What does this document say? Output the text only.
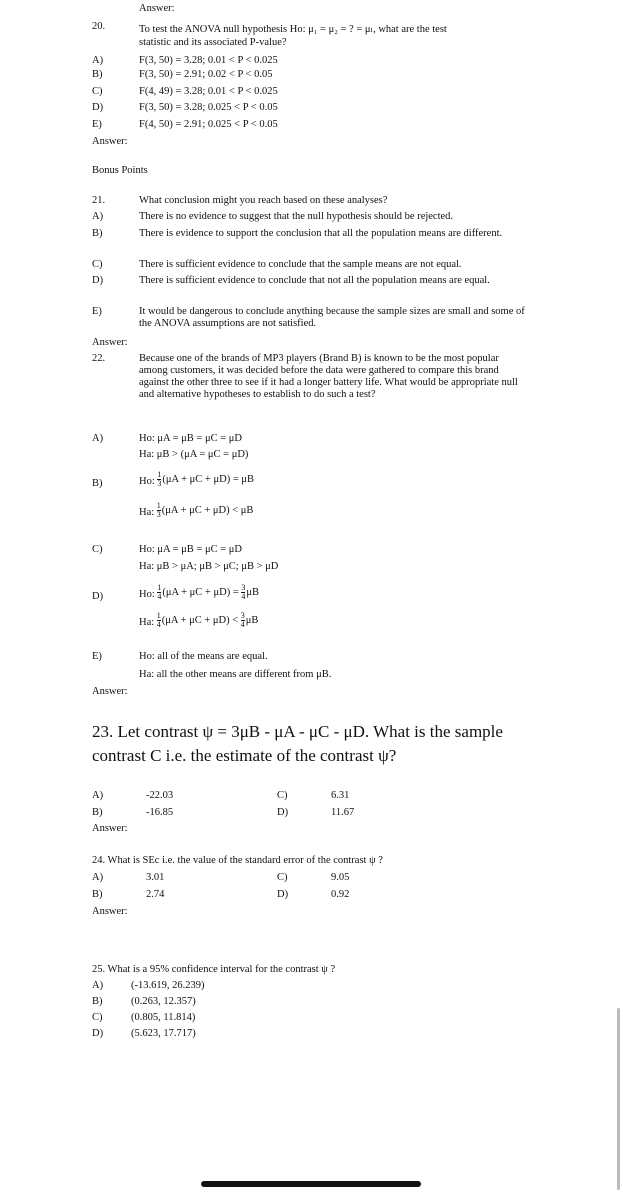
Answer:
20.	To test the ANOVA null hypothesis Ho: μ₁ = μ₂ = ? = μₗ, what are the test
statistic and its associated P-value?
A)	F(3, 50) = 3.28; 0.01 < P < 0.025
B)	F(3, 50) = 2.91; 0.02 < P < 0.05
C)	F(4, 49) = 3.28; 0.01 < P < 0.025
D)	F(3, 50) = 3.28; 0.025 < P < 0.05
E)	F(4, 50) = 2.91; 0.025 < P < 0.05
Answer:
Bonus Points
21.	What conclusion might you reach based on these analyses?
A)	There is no evidence to suggest that the null hypothesis should be rejected.
B)	There is evidence to support the conclusion that all the population means are different.
C)	There is sufficient evidence to conclude that the sample means are not equal.
D)	There is sufficient evidence to conclude that not all the population means are equal.
E)	It would be dangerous to conclude anything because the sample sizes are small and some of the ANOVA assumptions are not satisfied.
Answer:
22.	Because one of the brands of MP3 players (Brand B) is known to be the most popular among customers, it was decided before the data were gathered to compare this brand against the other three to see if it had a longer battery life. What would be appropriate null and alternative hypotheses to establish to do such a test?
A)	Ho: μA = μB = μC = μD
Ha: μB > (μA = μC = μD)
B)	Ho: $\frac{1}{3} (\mu A + \mu C + \mu D) = \mu B$
Ha: $\frac{1}{3} (\mu A + \mu C + \mu D) < \mu B$
C)	Ho: μA = μB = μC = μD
Ha: μB > μA; μB > μC; μB > μD
D)	Ho: $\frac{1}{4} (\mu A + \mu C + \mu D) = \frac{3}{4}$ μB
Ha: $\frac{1}{4} (\mu A + \mu C + \mu D) < \frac{3}{4}$ μB
E)	Ho: all of the means are equal.
Ha: all the other means are different from μB.
Answer:
23. Let contrast ψ = 3μB - μA - μC - μD. What is the sample
contrast C i.e. the estimate of the contrast ψ?
A)	-22.03	C)	6.31
B)	-16.85	D)	11.67
Answer:
24. What is SEc i.e. the value of the standard error of the contrast ψ ?
A)	3.01	C)	9.05
B)	2.74	D)	0.92
Answer:
25. What is a 95% confidence interval for the contrast ψ ?
A)	(-13.619, 26.239)
B)	(0.263, 12.357)
C)	(0.805, 11.814)
D)	(5.623, 17.717)
